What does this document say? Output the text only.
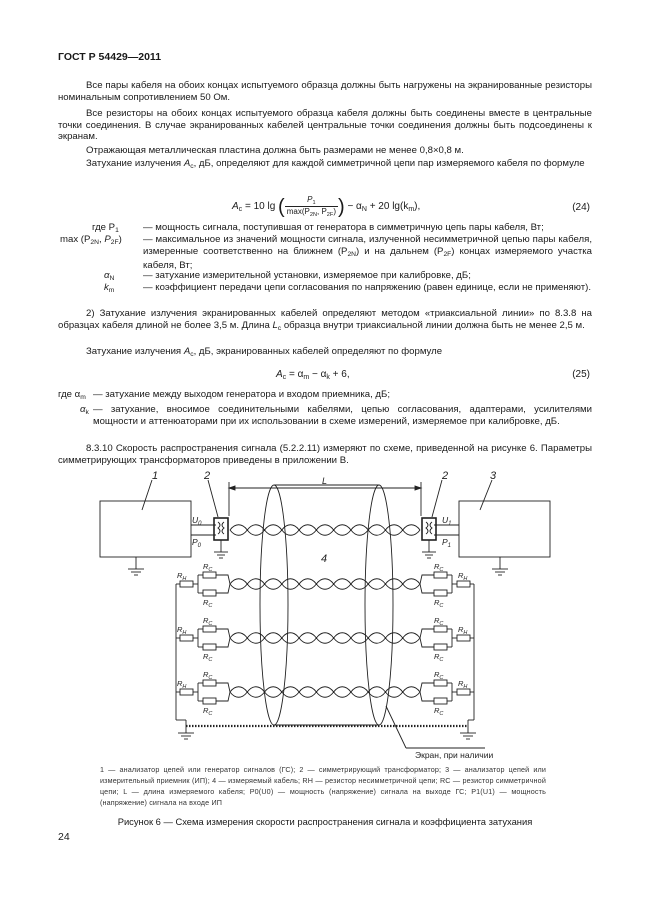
ГОСТ Р 54429—2011
Все пары кабеля на обоих концах испытуемого образца должны быть нагружены на экранированные резисторы номинальным сопротивлением 50 Ом.
Все резисторы на обоих концах испытуемого образца кабеля должны быть соединены вместе в центральные точки соединения. В случае экранированных кабелей центральные точки соединения должны быть подсоединены к экранам.
Отражающая металлическая пластина должна быть размерами не менее 0,8×0,8 м.
Затухание излучения $A_c$, дБ, определяют для каждой симметричной цепи пар измеряемого кабеля по формуле
$A_c = 10$ lg (	$P_1$
$\max(P_{2N}$, $P_{2F}$) ) − $\alpha_N + 20$ $\lg(k_m)$,	(24)
где $P_1$	— мощность сигнала, поступившая от генератора в симметричную цепь пары кабеля, Вт;
$\max (P_{2N}$, $P_{2F}$) — максимальное из значений мощности сигнала, излученной несимметричной цепью пары кабеля, измеренные соответственно на ближнем $(P_{2N})$ и на дальнем $(P_{2F})$ концах измеряемого участка кабеля, Вт;
$\alpha_N$	— затухание измерительной установки, измеряемое при калибровке, дБ;
$k_m$	— коэффициент передачи цепи согласования по напряжению (равен единице, если не применяют).
2) Затухание излучения экранированных кабелей определяют методом «триаксиальной линии» по 8.3.8 на образцах кабеля длиной не более 3,5 м. Длина $L_c$ образца внутри триаксиальной линии должна быть не менее 2,5 м.
Затухание излучения $A_c$, дБ, экранированных кабелей определяют по формуле
$A_c = \alpha_m - \alpha_k + 6$,	(25)
где $\alpha_m$ — затухание между выходом генератора и входом приемника, дБ;
$\alpha_k$ — затухание, вносимое соединительными кабелями, цепью согласования, адаптерами, усилителями мощности и аттенюаторами при их использовании в схеме измерений, измеряемое при калибровке, дБ.
8.3.10 Скорость распространения сигнала (5.2.2.11) измеряют по схеме, приведенной на рисунке 6. Параметры симметрирующих трансформаторов приведены в приложении В.
1	2	2	3
4
L
$U_0$
$P_0$
$U_1$
$P_1$
Экран, при наличии
$R_H$
$R_C$
$R_C$
$R_H$
$R_C$
$R_C$
$R_H$
$R_C$
$R_C$
$R_H$
$R_C$
$R_C$
$R_H$
$R_C$
$R_C$
$R_H$
$R_C$
$R_C$
1 — анализатор цепей или генератор сигналов (ГС); 2 — симметрирующий трансформатор; 3 — анализатор цепей или измерительный приемник (ИП); 4 — измеряемый кабель; RН — резистор несимметричной цепи; RC — резистор симметричной цепи; L — длина измеряемого кабеля; P0(U0) — мощность (напряжение) сигнала на выходе ГС; P1(U1) — мощность (напряжение) сигнала на входе ИП
Рисунок 6 — Схема измерения скорости распространения сигнала и коэффициента затухания
24
